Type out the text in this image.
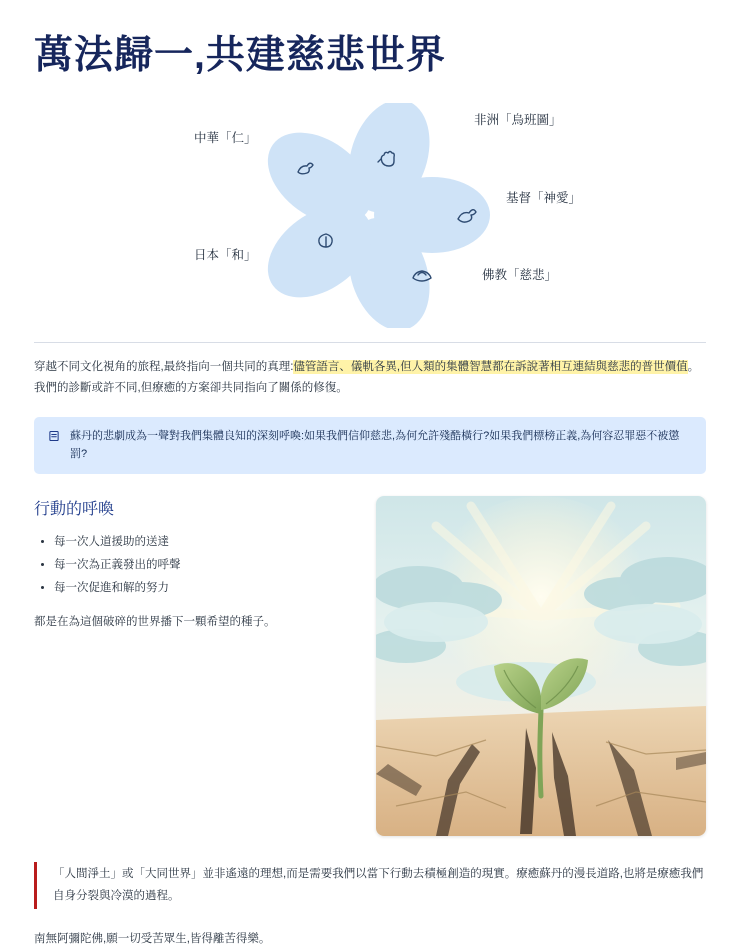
萬法歸一,共建慈悲世界
中華「仁」
非洲「烏班圖」
基督「神愛」
佛教「慈悲」
日本「和」

穿越不同文化視角的旅程,最終指向一個共同的真理:儘管語言、儀軌各異,但人類的集體智慧都在訴說著相互連結與慈悲的普世價值。我們的診斷或許不同,但療癒的方案卻共同指向了關係的修復。

蘇丹的悲劇成為一聲對我們集體良知的深刻呼喚:如果我們信仰慈悲,為何允許殘酷橫行?如果我們標榜正義,為何容忍罪惡不被懲罰?
行動的呼喚
• 每一次人道援助的送達
• 每一次為正義發出的呼聲
• 每一次促進和解的努力

都是在為這個破碎的世界播下一顆希望的種子。

「人間淨土」或「大同世界」並非遙遠的理想,而是需要我們以當下行動去積極創造的現實。療癒蘇丹的漫長道路,也將是療癒我們自身分裂與冷漠的過程。

南無阿彌陀佛,願一切受苦眾生,皆得離苦得樂。
